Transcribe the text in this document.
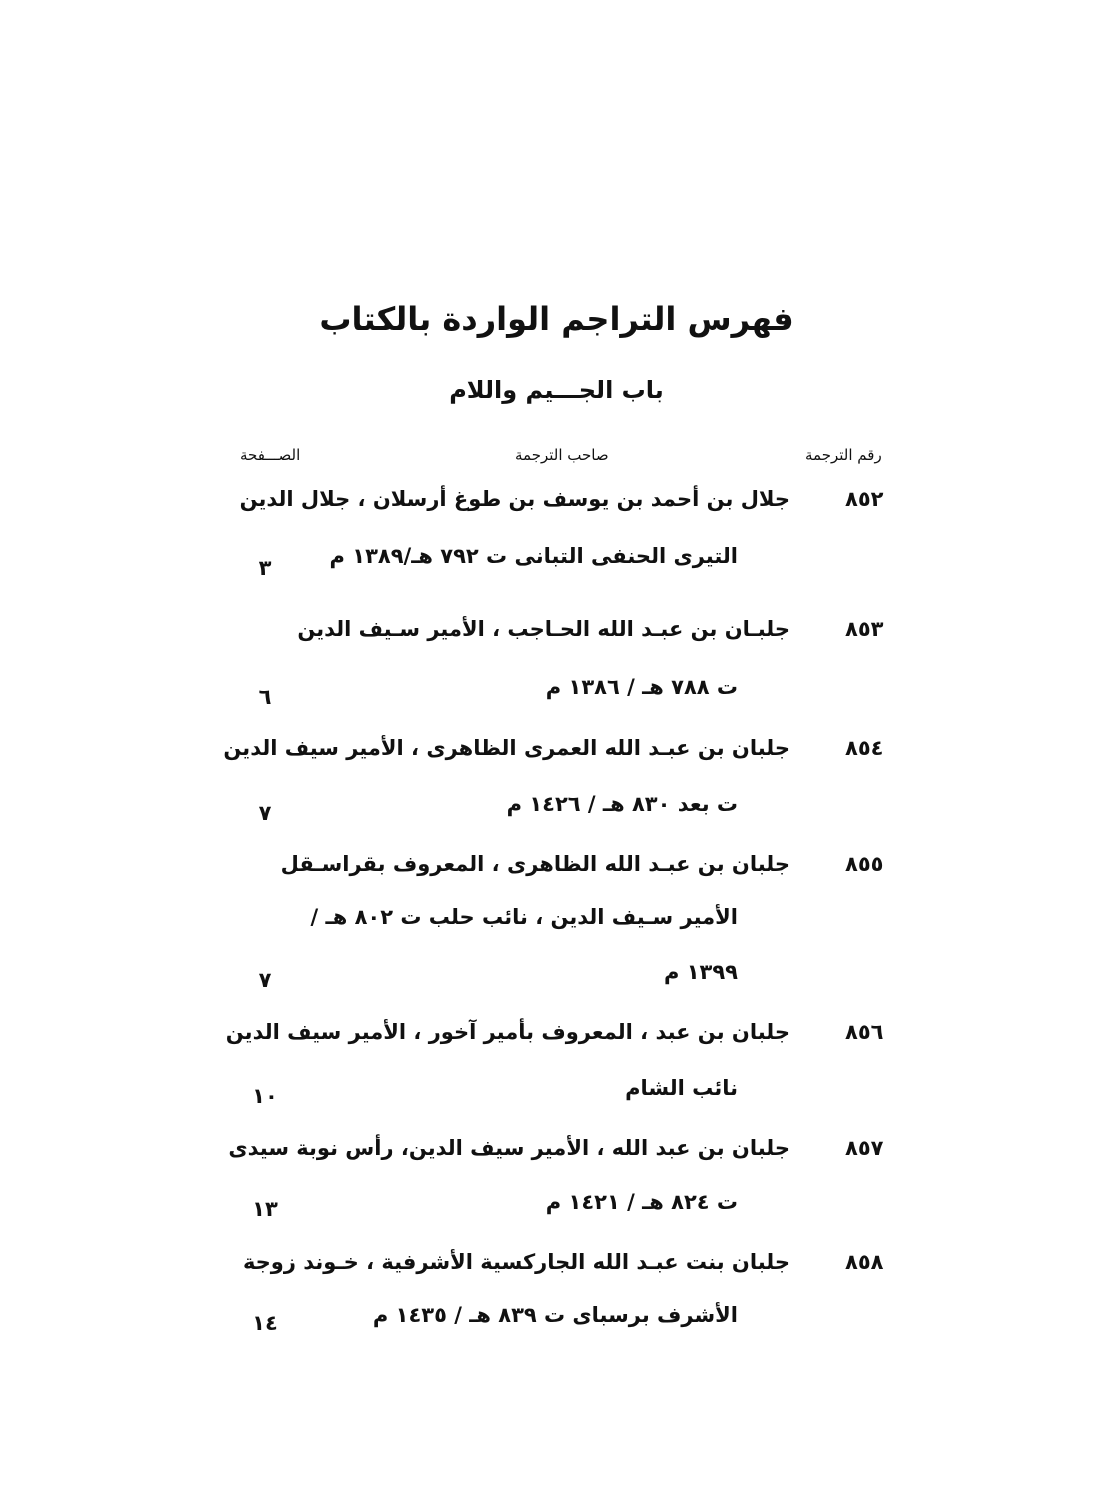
فهرس التراجم الواردة بالكتاب
باب الجـــيم واللام
رقم الترجمة
صاحب الترجمة
الصـــفحة
٨٥٢
جلال بن أحمد بن يوسف بن طوغ أرسلان ، جلال الدين
التيرى الحنفى التبانى ت ٧٩٢ هـ/١٣٨٩ م
٣
٨٥٣
جلبـان بن عبـد الله الحـاجب ، الأمير سـيف الدين
ت ٧٨٨ هـ / ١٣٨٦ م
٦
٨٥٤
جلبان بن عبـد الله العمرى الظاهرى ، الأمير سيف الدين
ت بعد ٨٣٠ هـ / ١٤٢٦ م
٧
٨٥٥
جلبان بن عبـد الله الظاهرى ، المعروف بقراسـقل
الأمير سـيف الدين ، نائب حلب ت ٨٠٢ هـ /
١٣٩٩ م
٧
٨٥٦
جلبان بن عبد ، المعروف بأمير آخور ، الأمير سيف الدين
نائب الشام
١٠
٨٥٧
جلبان بن عبد الله ، الأمير سيف الدين، رأس نوبة سيدى
ت ٨٢٤ هـ / ١٤٢١ م
١٣
٨٥٨
جلبان بنت عبـد الله الجاركسية الأشرفية ، خـوند زوجة
الأشرف برسباى ت ٨٣٩ هـ / ١٤٣٥ م
١٤
